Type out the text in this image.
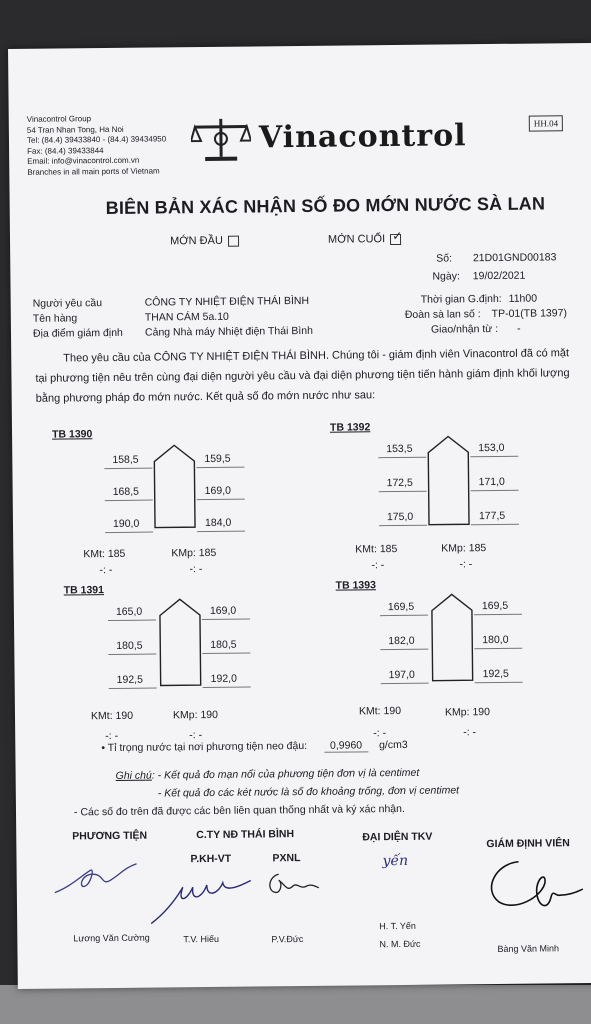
Vinacontrol Group
54 Tran Nhan Tong, Ha Noi
Tel: (84.4) 39433840 - (84.4) 39434950
Fax: (84.4) 39433844
Email: info@vinacontrol.com.vn
Branches in all main ports of Vietnam
Vinacontrol	HH.04
BIÊN BẢN XÁC NHẬN SỐ ĐO MỚN NƯỚC SÀ LAN
MỚN ĐẦU	MỚN CUỐI ✓
Số: 21D01GND00183
Ngày: 19/02/2021
Người yêu cầu	CÔNG TY NHIỆT ĐIỆN THÁI BÌNH	Thời gian G.định: 11h00
Tên hàng	THAN CÁM 5a.10	Đoàn sà lan số : TP-01(TB 1397)
Địa điểm giám định Cảng Nhà máy Nhiệt điện Thái Bình	Giao/nhận từ : -
Theo yêu cầu của CÔNG TY NHIỆT ĐIỆN THÁI BÌNH. Chúng tôi - giám định viên Vinacontrol đã có mặt tại phương tiện nêu trên cùng đại diện người yêu cầu và đại diện phương tiện tiến hành giám định khối lượng bằng phương pháp đo mớn nước. Kết quả số đo mớn nước như sau:
TB 1390
158,5	159,5
168,5	169,0
190,0	184,0
KMt: 185	KMp: 185
-: -	-: -
TB 1392
153,5	153,0
172,5	171,0
175,0	177,5
KMt: 185	KMp: 185
-: -	-: -
TB 1391
165,0	169,0
180,5	180,5
192,5	192,0
KMt: 190	KMp: 190
-: -	-: -
TB 1393
169,5	169,5
182,0	180,0
197,0	192,5
KMt: 190	KMp: 190
-: -	-: -
• Tỉ trọng nước tại nơi phương tiện neo đậu: 0,9960 g/cm3
Ghi chú: - Kết quả đo mạn nổi của phương tiện đơn vị là centimet
- Kết quả đo các két nước là số đo khoảng trống, đơn vị centimet
- Các số đo trên đã được các bên liên quan thống nhất và ký xác nhận.
PHƯƠNG TIỆN	C.TY NĐ THÁI BÌNH	ĐẠI DIỆN TKV
GIÁM ĐỊNH VIÊN
P.KH-VT	PXNL	yến
Lương Văn Cường	T.V. Hiếu	P.V.Đức
H. T. Yến
N. M. Đức	Bàng Văn Minh
